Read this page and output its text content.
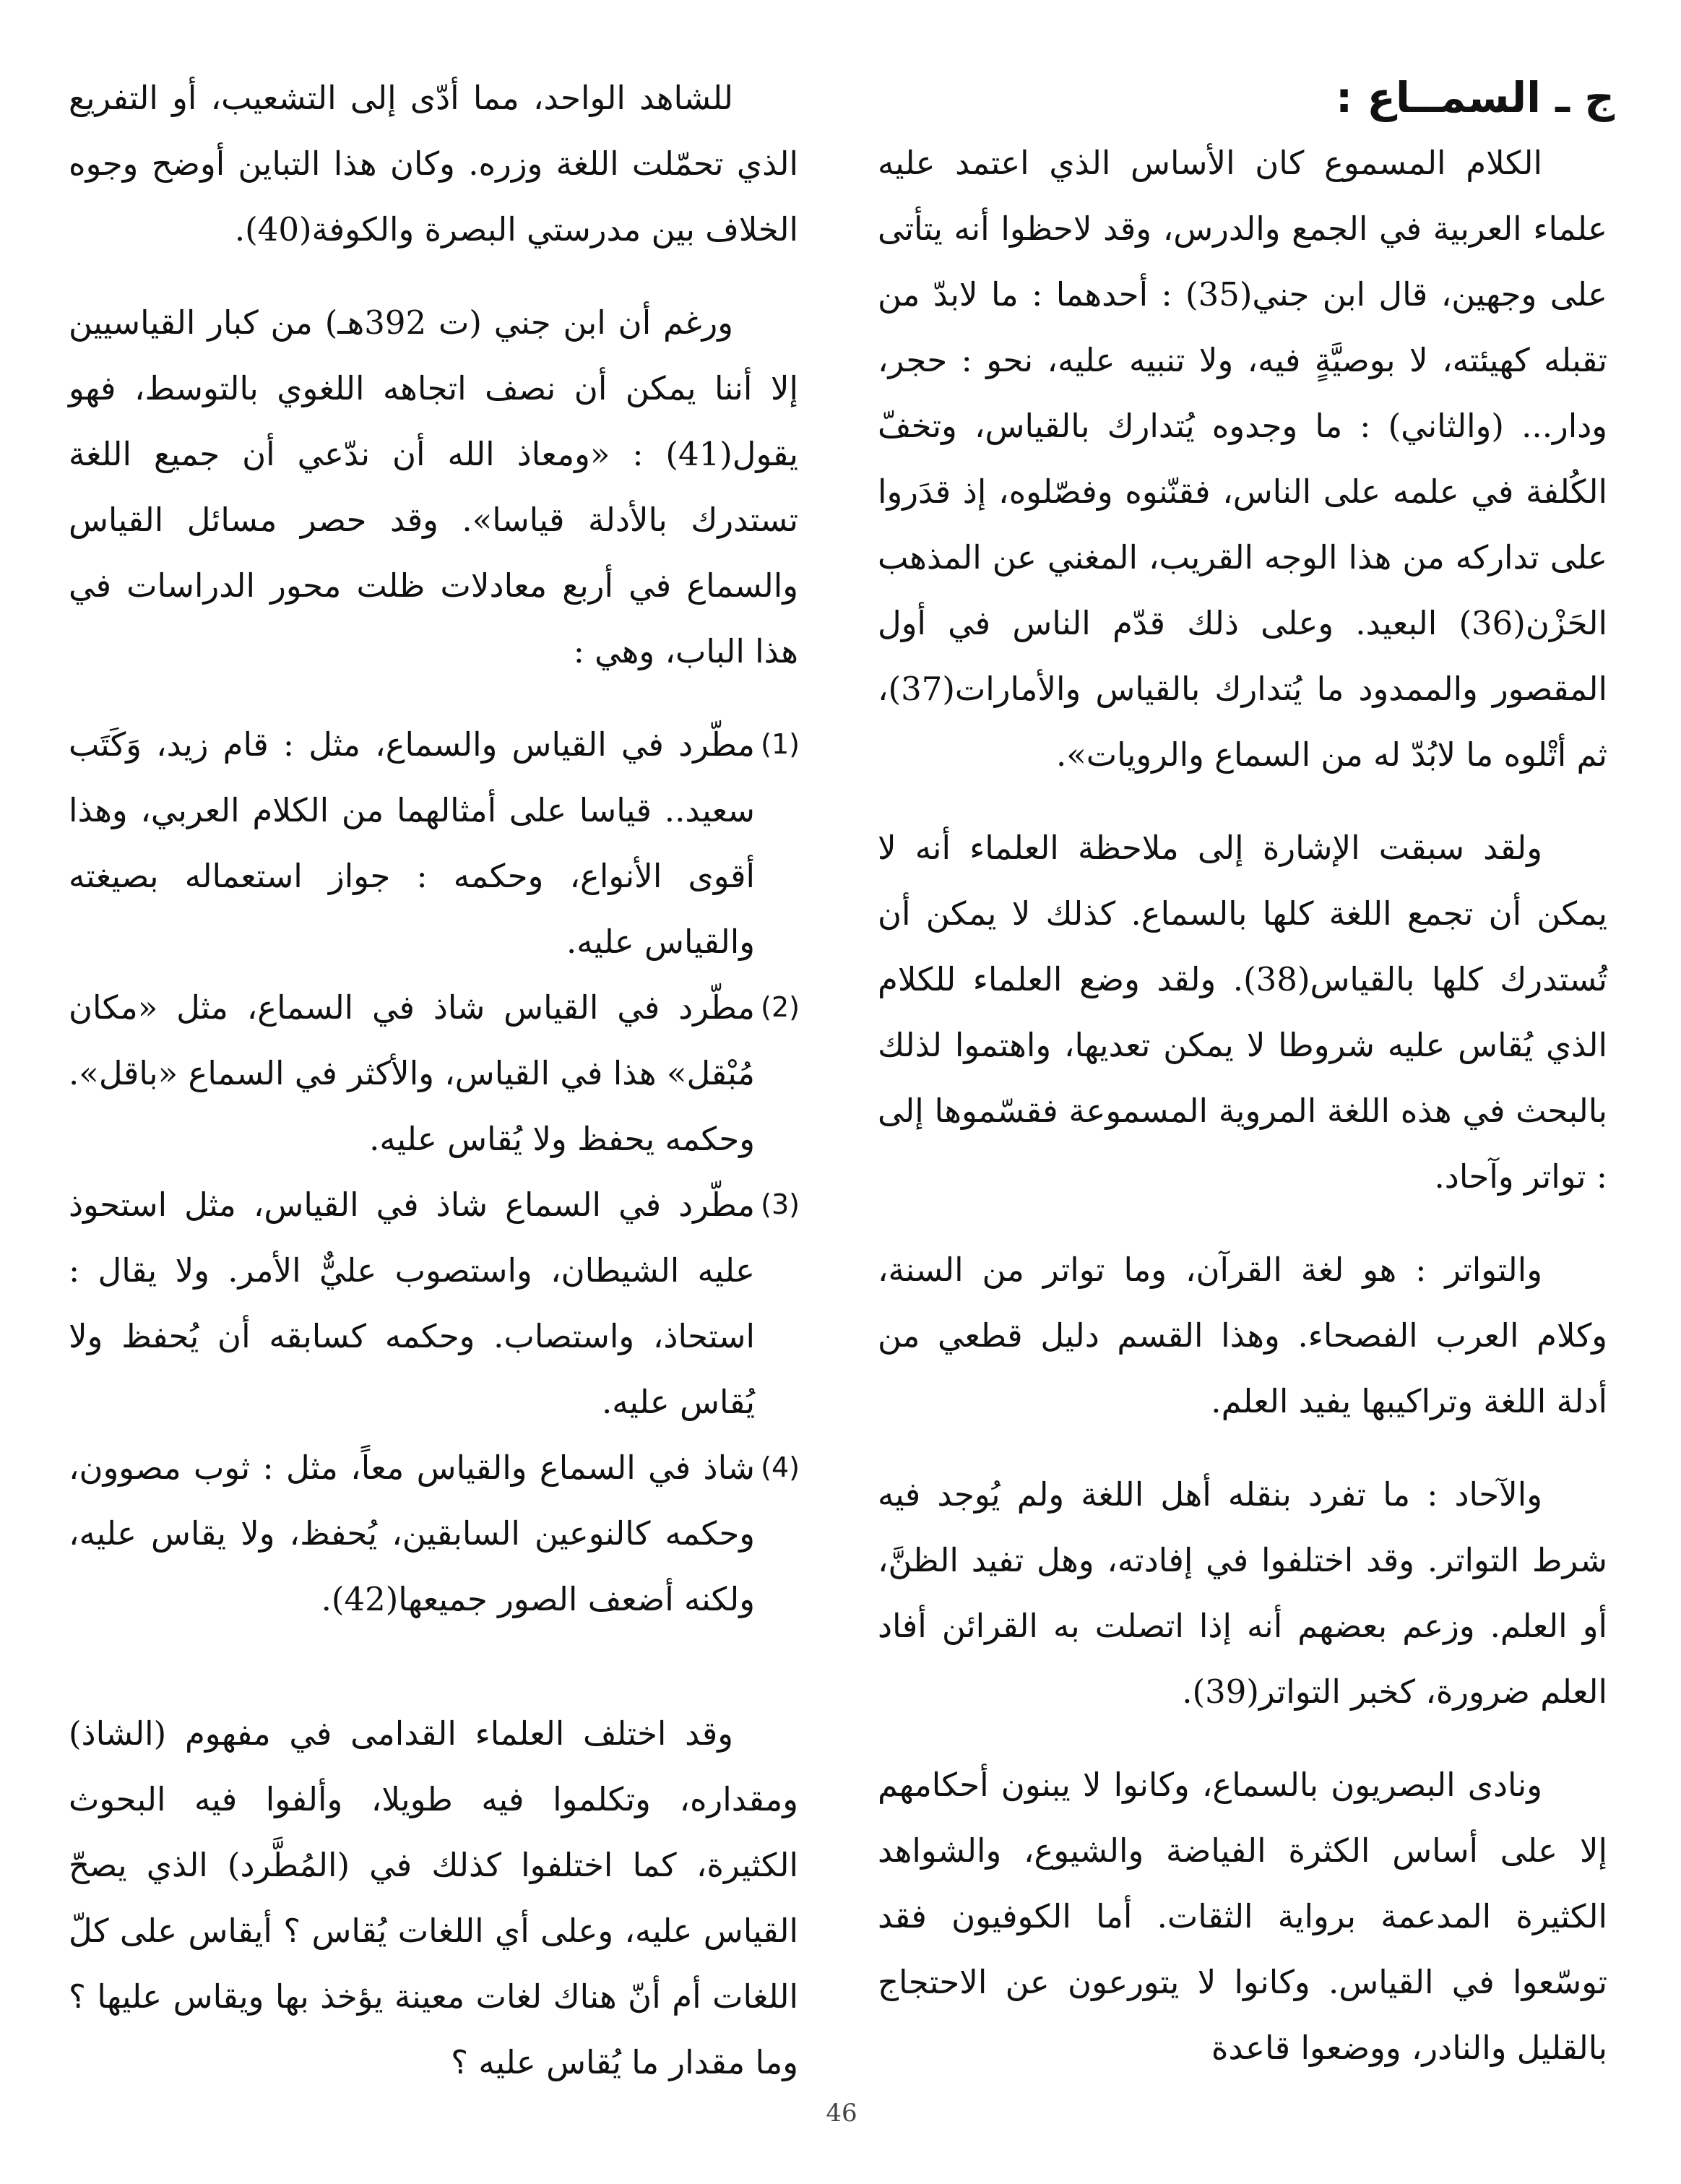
ج ـ السمــاع :

الكلام المسموع كان الأساس الذي اعتمد عليه علماء العربية في الجمع والدرس، وقد لاحظوا أنه يتأتى على وجهين، قال ابن جني(35) : أحدهما : ما لابدّ من تقبله كهيئته، لا بوصيَّةٍ فيه، ولا تنبيه عليه، نحو : حجر، ودار... (والثاني) : ما وجدوه يُتدارك بالقياس، وتخفّ الكُلفة في علمه على الناس، فقنّنوه وفصّلوه، إذ قدَروا على تداركه من هذا الوجه القريب، المغني عن المذهب الحَزْن(36) البعيد. وعلى ذلك قدّم الناس في أول المقصور والممدود ما يُتدارك بالقياس والأمارات(37)، ثم أتْلوه ما لابُدّ له من السماع والرويات».

ولقد سبقت الإشارة إلى ملاحظة العلماء أنه لا يمكن أن تجمع اللغة كلها بالسماع. كذلك لا يمكن أن تُستدرك كلها بالقياس(38). ولقد وضع العلماء للكلام الذي يُقاس عليه شروطا لا يمكن تعديها، واهتموا لذلك بالبحث في هذه اللغة المروية المسموعة فقسّموها إلى : تواتر وآحاد.

والتواتر : هو لغة القرآن، وما تواتر من السنة، وكلام العرب الفصحاء. وهذا القسم دليل قطعي من أدلة اللغة وتراكيبها يفيد العلم.

والآحاد : ما تفرد بنقله أهل اللغة ولم يُوجد فيه شرط التواتر. وقد اختلفوا في إفادته، وهل تفيد الظنَّ، أو العلم. وزعم بعضهم أنه إذا اتصلت به القرائن أفاد العلم ضرورة، كخبر التواتر(39).

ونادى البصريون بالسماع، وكانوا لا يبنون أحكامهم إلا على أساس الكثرة الفياضة والشيوع، والشواهد الكثيرة المدعمة برواية الثقات. أما الكوفيون فقد توسّعوا في القياس. وكانوا لا يتورعون عن الاحتجاج بالقليل والنادر، ووضعوا قاعدة

للشاهد الواحد، مما أدّى إلى التشعيب، أو التفريع الذي تحمّلت اللغة وزره. وكان هذا التباين أوضح وجوه الخلاف بين مدرستي البصرة والكوفة(40).

ورغم أن ابن جني (ت 392هـ) من كبار القياسيين إلا أننا يمكن أن نصف اتجاهه اللغوي بالتوسط، فهو يقول(41) : «ومعاذ الله أن ندّعي أن جميع اللغة تستدرك بالأدلة قياسا». وقد حصر مسائل القياس والسماع في أربع معادلات ظلت محور الدراسات في هذا الباب، وهي :

(1)
مطّرد في القياس والسماع، مثل : قام زيد، وَكَتَب سعيد.. قياسا على أمثالهما من الكلام العربي، وهذا أقوى الأنواع، وحكمه : جواز استعماله بصيغته والقياس عليه.
(2)
مطّرد في القياس شاذ في السماع، مثل «مكان مُبْقل» هذا في القياس، والأكثر في السماع «باقل». وحكمه يحفظ ولا يُقاس عليه.
(3)
مطّرد في السماع شاذ في القياس، مثل استحوذ عليه الشيطان، واستصوب عليٌّ الأمر. ولا يقال : استحاذ، واستصاب. وحكمه كسابقه أن يُحفظ ولا يُقاس عليه.
(4)
شاذ في السماع والقياس معاً، مثل : ثوب مصوون، وحكمه كالنوعين السابقين، يُحفظ، ولا يقاس عليه، ولكنه أضعف الصور جميعها(42).

وقد اختلف العلماء القدامى في مفهوم (الشاذ) ومقداره، وتكلموا فيه طويلا، وألفوا فيه البحوث الكثيرة، كما اختلفوا كذلك في (المُطَّرد) الذي يصحّ القياس عليه، وعلى أي اللغات يُقاس ؟ أيقاس على كلّ اللغات أم أنّ هناك لغات معينة يؤخذ بها ويقاس عليها ؟ وما مقدار ما يُقاس عليه ؟

46
